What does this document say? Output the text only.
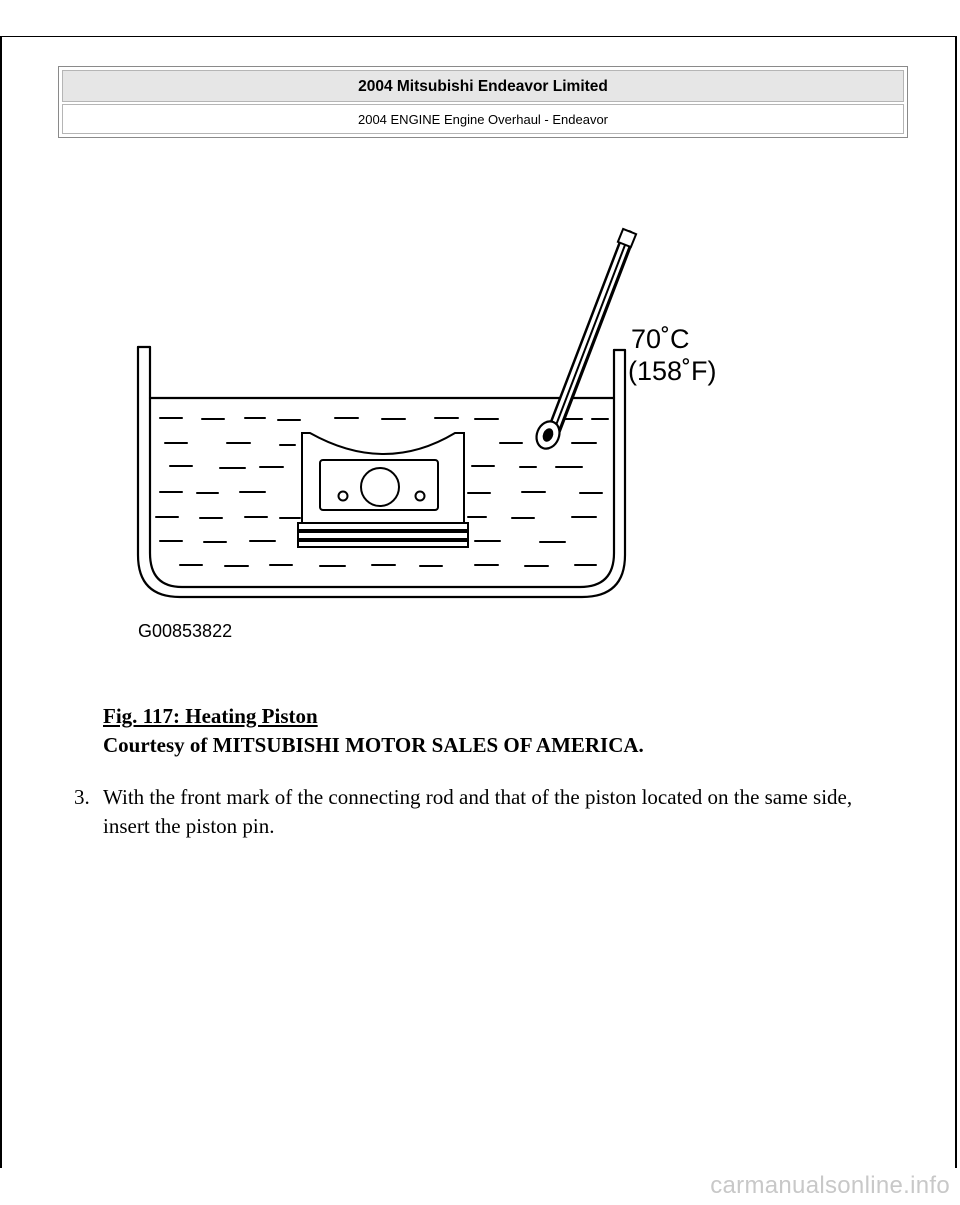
2004 Mitsubishi Endeavor Limited
2004 ENGINE Engine Overhaul - Endeavor
70˚C
(158˚F)
G00853822
Fig. 117: Heating Piston
Courtesy of MITSUBISHI MOTOR SALES OF AMERICA.
3. With the front mark of the connecting rod and that of the piston located on the same side, insert the piston pin.
carmanualsonline.info
